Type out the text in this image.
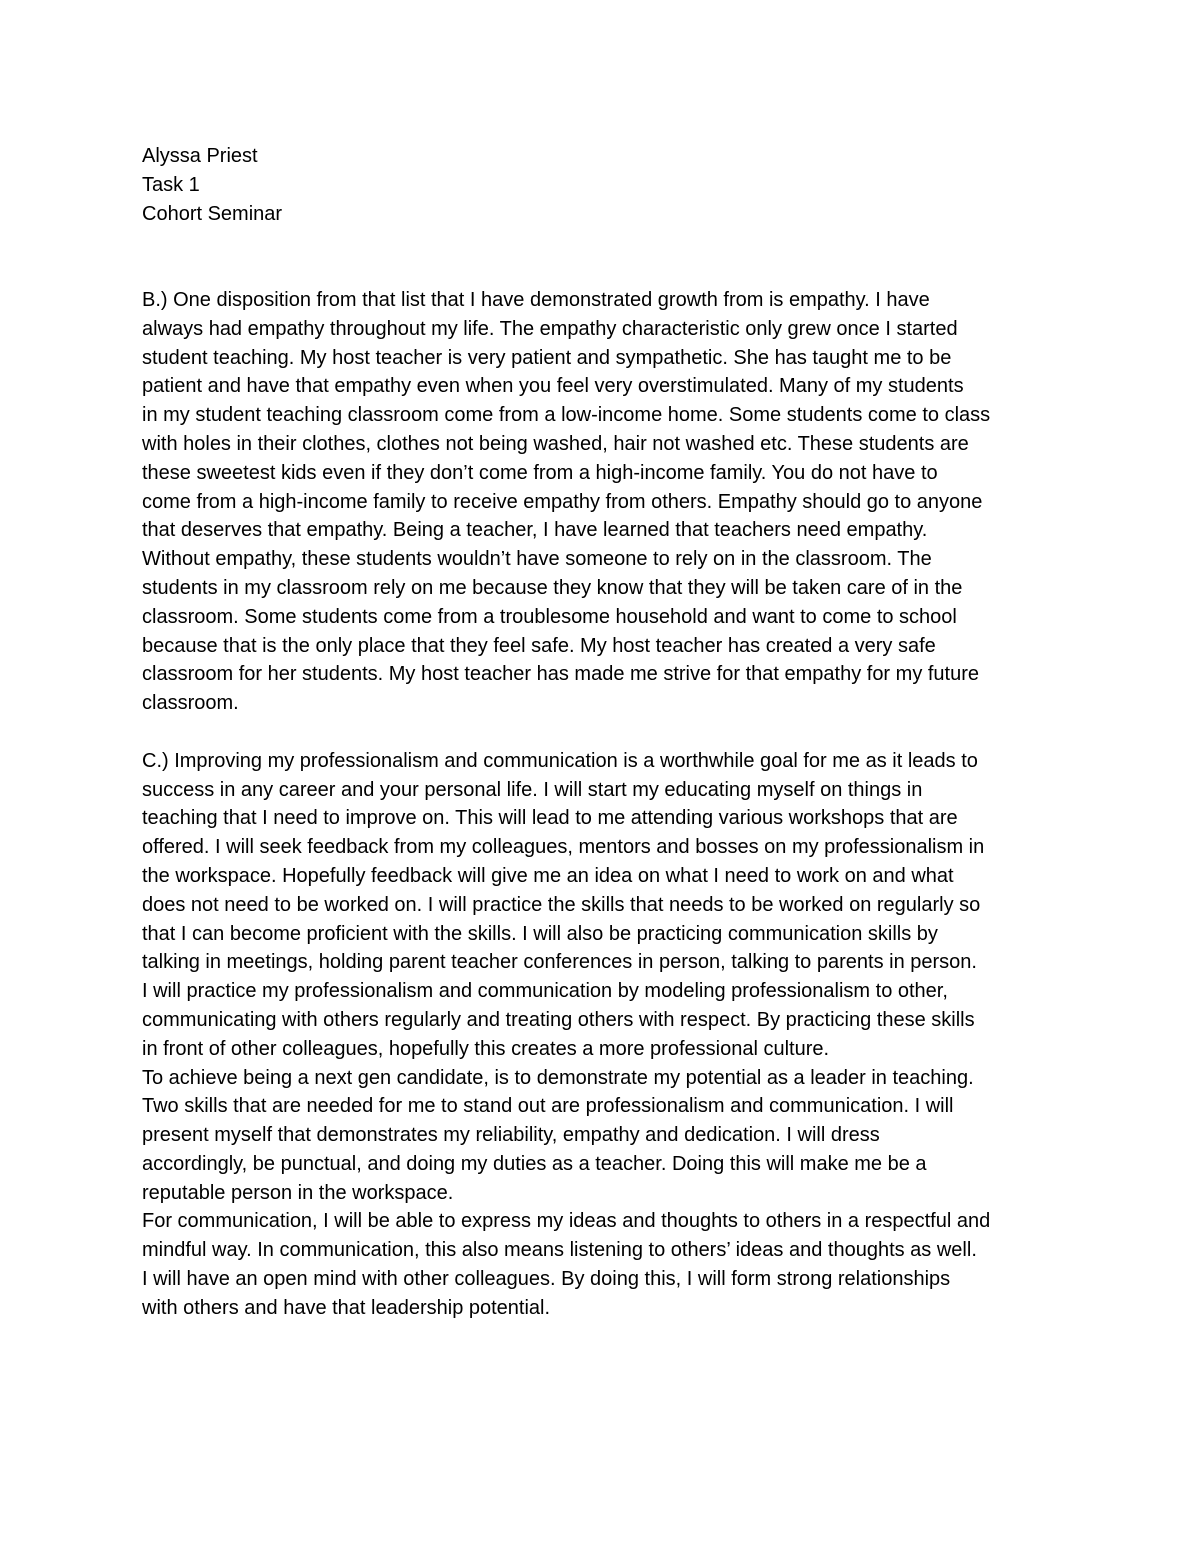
Alyssa Priest
Task 1
Cohort Seminar
B.) One disposition from that list that I have demonstrated growth from is empathy. I have
always had empathy throughout my life. The empathy characteristic only grew once I started
student teaching. My host teacher is very patient and sympathetic. She has taught me to be
patient and have that empathy even when you feel very overstimulated. Many of my students
in my student teaching classroom come from a low-income home. Some students come to class
with holes in their clothes, clothes not being washed, hair not washed etc. These students are
these sweetest kids even if they don’t come from a high-income family. You do not have to
come from a high-income family to receive empathy from others. Empathy should go to anyone
that deserves that empathy. Being a teacher, I have learned that teachers need empathy.
Without empathy, these students wouldn’t have someone to rely on in the classroom. The
students in my classroom rely on me because they know that they will be taken care of in the
classroom. Some students come from a troublesome household and want to come to school
because that is the only place that they feel safe. My host teacher has created a very safe
classroom for her students. My host teacher has made me strive for that empathy for my future
classroom.
C.) Improving my professionalism and communication is a worthwhile goal for me as it leads to
success in any career and your personal life. I will start my educating myself on things in
teaching that I need to improve on. This will lead to me attending various workshops that are
offered. I will seek feedback from my colleagues, mentors and bosses on my professionalism in
the workspace. Hopefully feedback will give me an idea on what I need to work on and what
does not need to be worked on. I will practice the skills that needs to be worked on regularly so
that I can become proficient with the skills. I will also be practicing communication skills by
talking in meetings, holding parent teacher conferences in person, talking to parents in person.
I will practice my professionalism and communication by modeling professionalism to other,
communicating with others regularly and treating others with respect. By practicing these skills
in front of other colleagues, hopefully this creates a more professional culture.
To achieve being a next gen candidate, is to demonstrate my potential as a leader in teaching.
Two skills that are needed for me to stand out are professionalism and communication. I will
present myself that demonstrates my reliability, empathy and dedication. I will dress
accordingly, be punctual, and doing my duties as a teacher. Doing this will make me be a
reputable person in the workspace.
For communication, I will be able to express my ideas and thoughts to others in a respectful and
mindful way. In communication, this also means listening to others’ ideas and thoughts as well.
I will have an open mind with other colleagues. By doing this, I will form strong relationships
with others and have that leadership potential.
